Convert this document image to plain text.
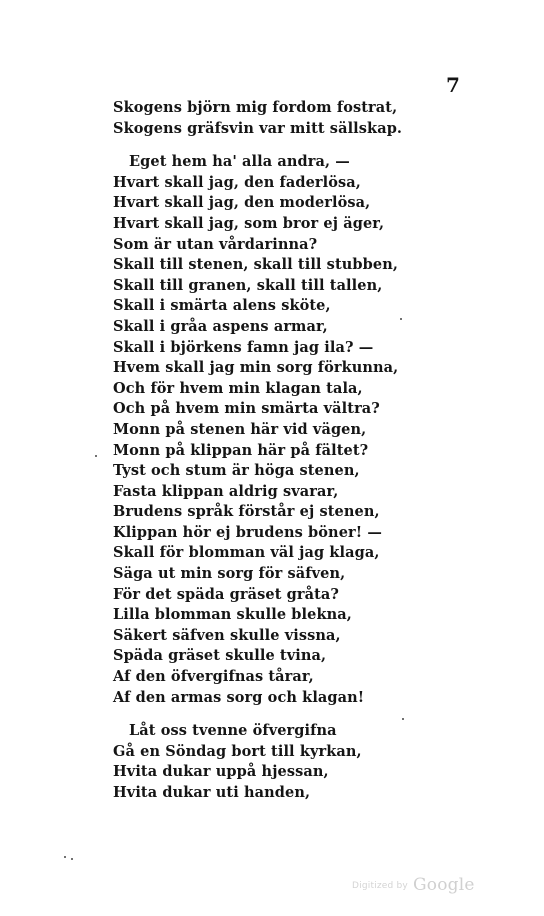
7
Skogens björn mig fordom fostrat,
Skogens gräfsvin var mitt sällskap.
Eget hem ha' alla andra, —
Hvart skall jag, den faderlösa,
Hvart skall jag, den moderlösa,
Hvart skall jag, som bror ej äger,
Som är utan vårdarinna?
Skall till stenen, skall till stubben,
Skall till granen, skall till tallen,
Skall i smärta alens sköte,
Skall i gråa aspens armar,
Skall i björkens famn jag ila? —
Hvem skall jag min sorg förkunna,
Och för hvem min klagan tala,
Och på hvem min smärta vältra?
Monn på stenen här vid vägen,
Monn på klippan här på fältet?
Tyst och stum är höga stenen,
Fasta klippan aldrig svarar,
Brudens språk förstår ej stenen,
Klippan hör ej brudens böner! —
Skall för blomman väl jag klaga,
Säga ut min sorg för säfven,
För det späda gräset gråta?
Lilla blomman skulle blekna,
Säkert säfven skulle vissna,
Späda gräset skulle tvina,
Af den öfvergifnas tårar,
Af den armas sorg och klagan!
Låt oss tvenne öfvergifna
Gå en Söndag bort till kyrkan,
Hvita dukar uppå hjessan,
Hvita dukar uti handen,
Digitized by Google
